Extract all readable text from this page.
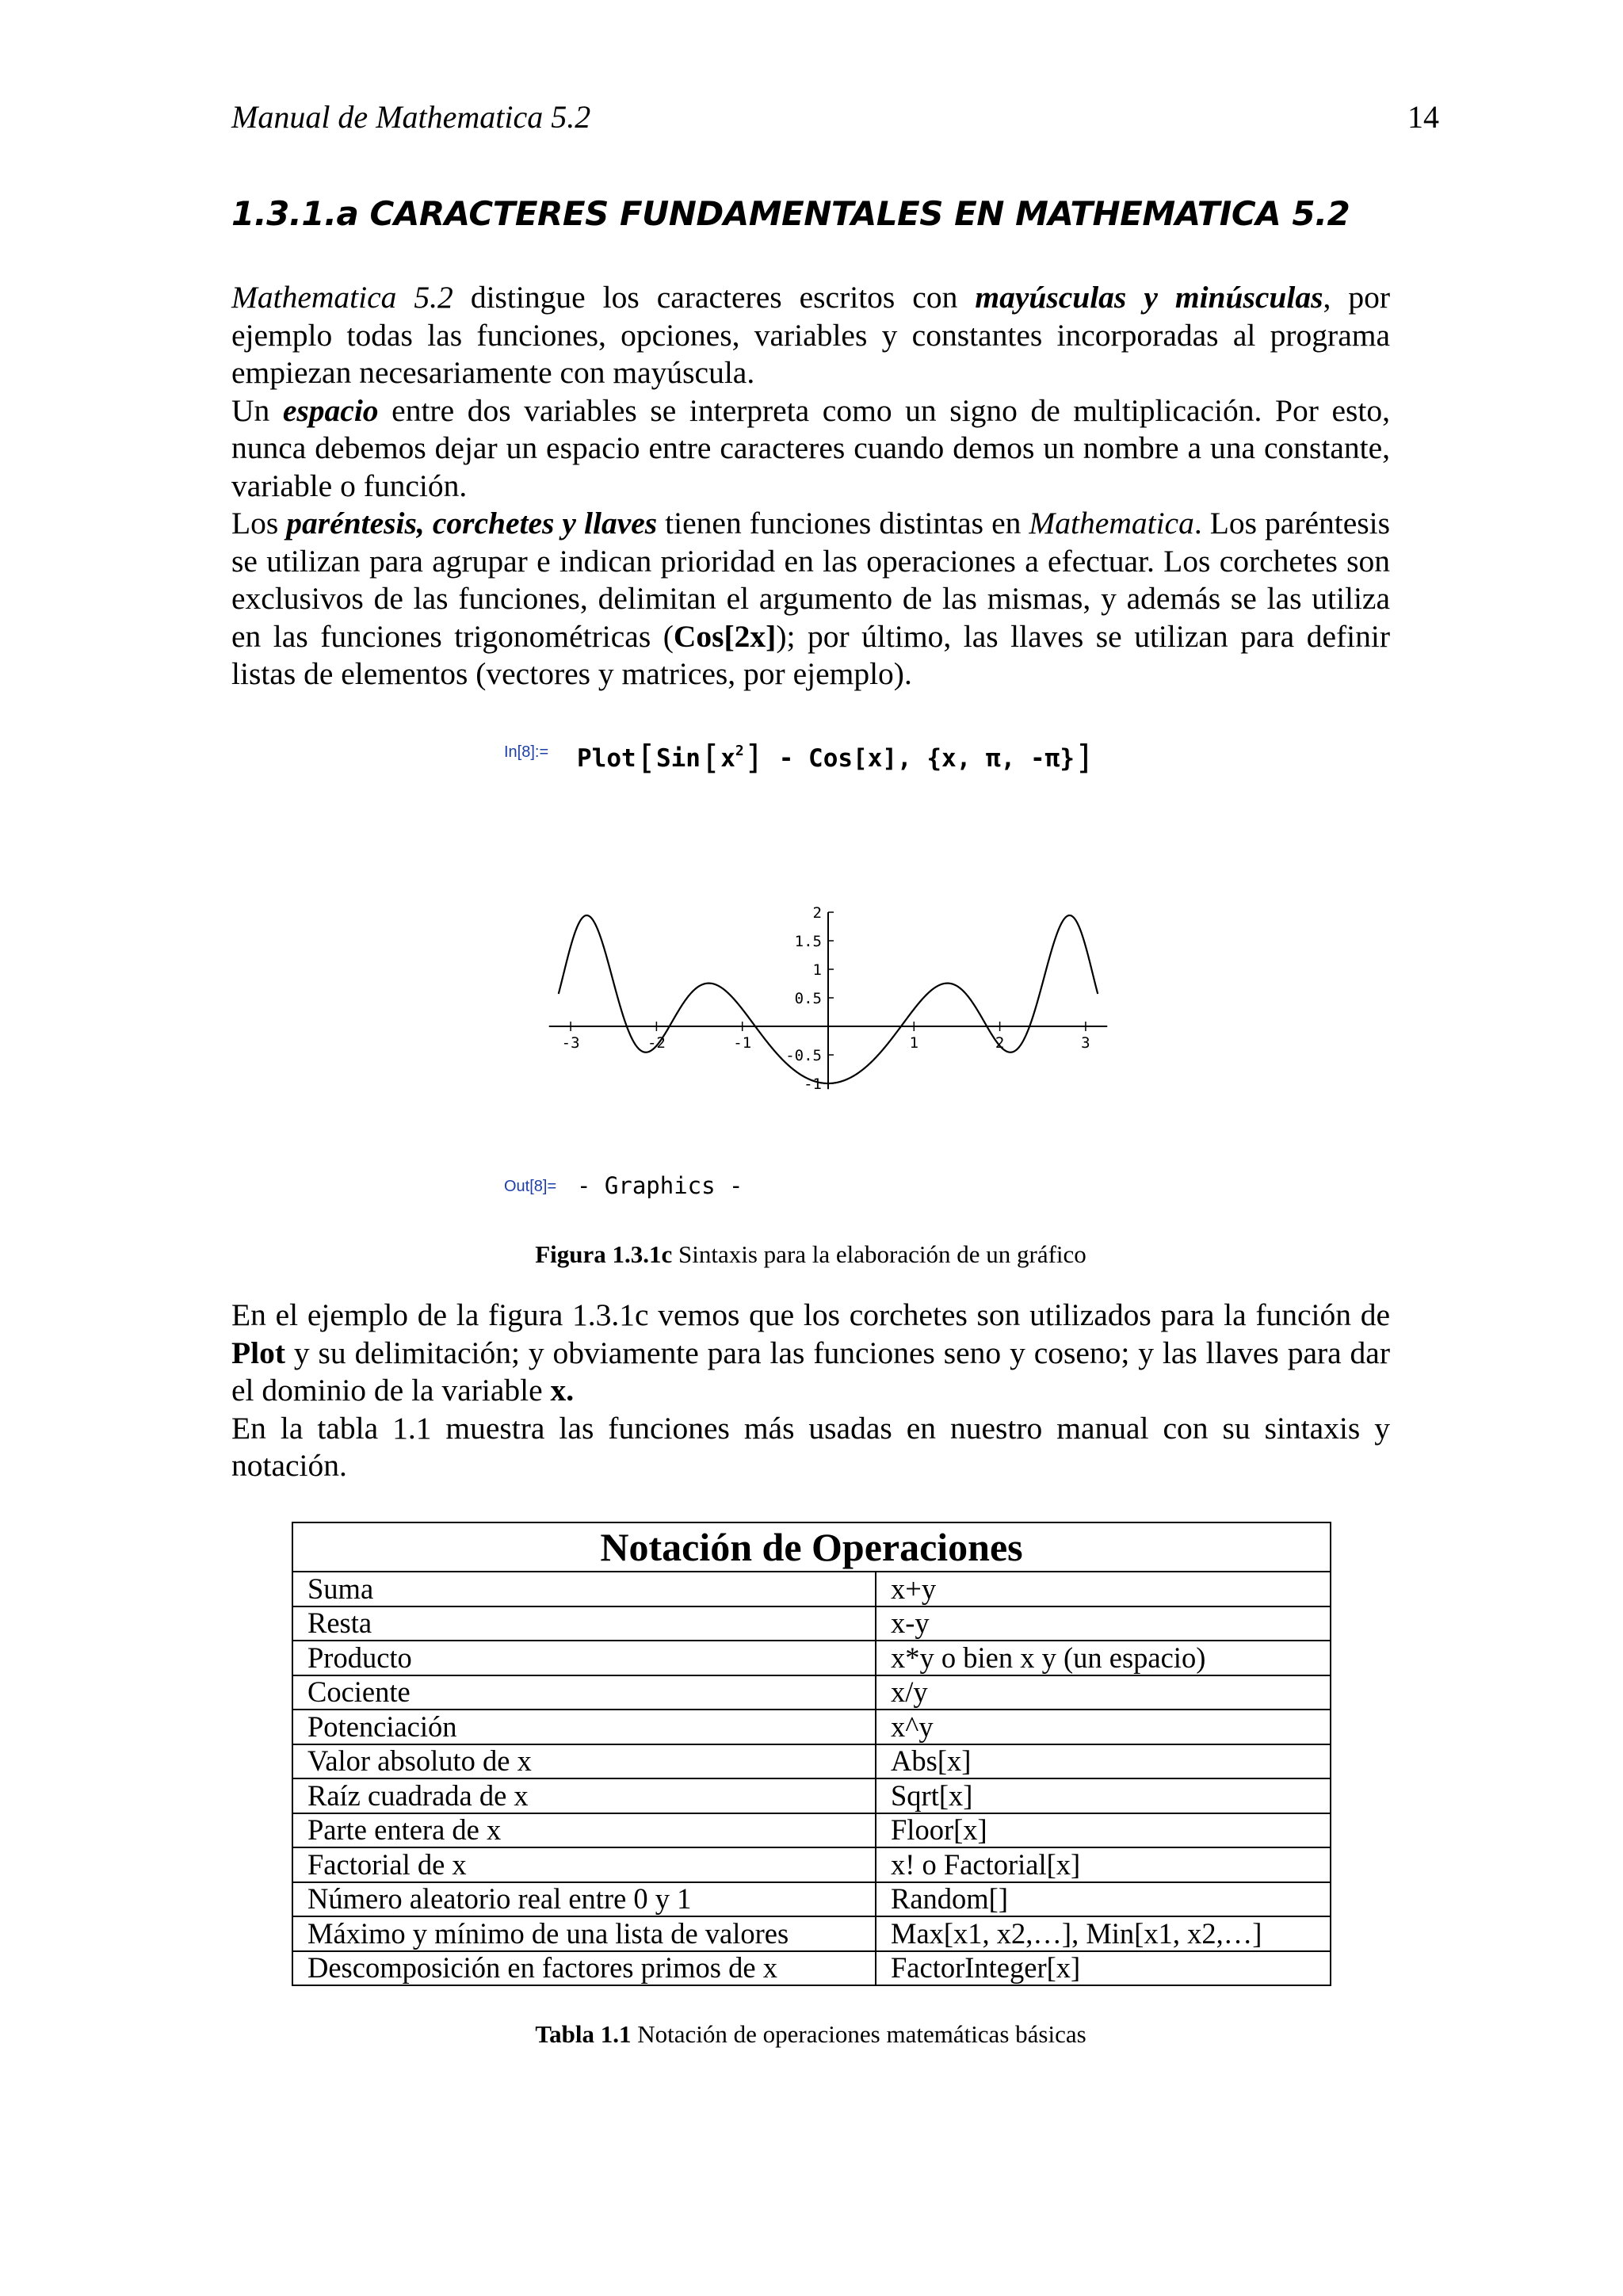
Manual de Mathematica 5.2	14
1.3.1.a CARACTERES FUNDAMENTALES EN MATHEMATICA 5.2

Mathematica 5.2 distingue los caracteres escritos con mayúsculas y minúsculas, por ejemplo todas las funciones, opciones, variables y constantes incorporadas al programa empiezan necesariamente con mayúscula.

Un espacio entre dos variables se interpreta como un signo de multiplicación. Por esto, nunca debemos dejar un espacio entre caracteres cuando demos un nombre a una constante, variable o función.

Los paréntesis, corchetes y llaves tienen funciones distintas en Mathematica. Los paréntesis se utilizan para agrupar e indican prioridad en las operaciones a efectuar. Los corchetes son exclusivos de las funciones, delimitan el argumento de las mismas, y además se las utiliza en las funciones trigonométricas (Cos[2x]); por último, las llaves se utilizan para definir listas de elementos (vectores y matrices, por ejemplo).

In[8]:= $Plot[Sin[x^2] - Cos[x]$, {x, π, -π}]
-3	-2	-1	1	2	3
2
1.5
1
0.5
-0.5
-1
Out[8]= - Graphics -
Figura 1.3.1c Sintaxis para la elaboración de un gráfico

En el ejemplo de la figura 1.3.1c vemos que los corchetes son utilizados para la función de Plot y su delimitación; y obviamente para las funciones seno y coseno; y las llaves para dar el dominio de la variable x.

En la tabla 1.1 muestra las funciones más usadas en nuestro manual con su sintaxis y notación.

Notación de Operaciones	
Suma	x+y
Resta	x-y
Producto	x*y o bien x y (un espacio)
Cociente	x/y
Potenciación	x^y
Valor absoluto de x	Abs[x]
Raíz cuadrada de x	Sqrt[x]
Parte entera de x	Floor[x]
Factorial de x	x! o Factorial[x]
Número aleatorio real entre 0 y 1	Random[]
Máximo y mínimo de una lista de valores	Max[x1, x2,…], Min[x1, x2,…]
Descomposición en factores primos de x	FactorInteger[x]
Tabla 1.1 Notación de operaciones matemáticas básicas
